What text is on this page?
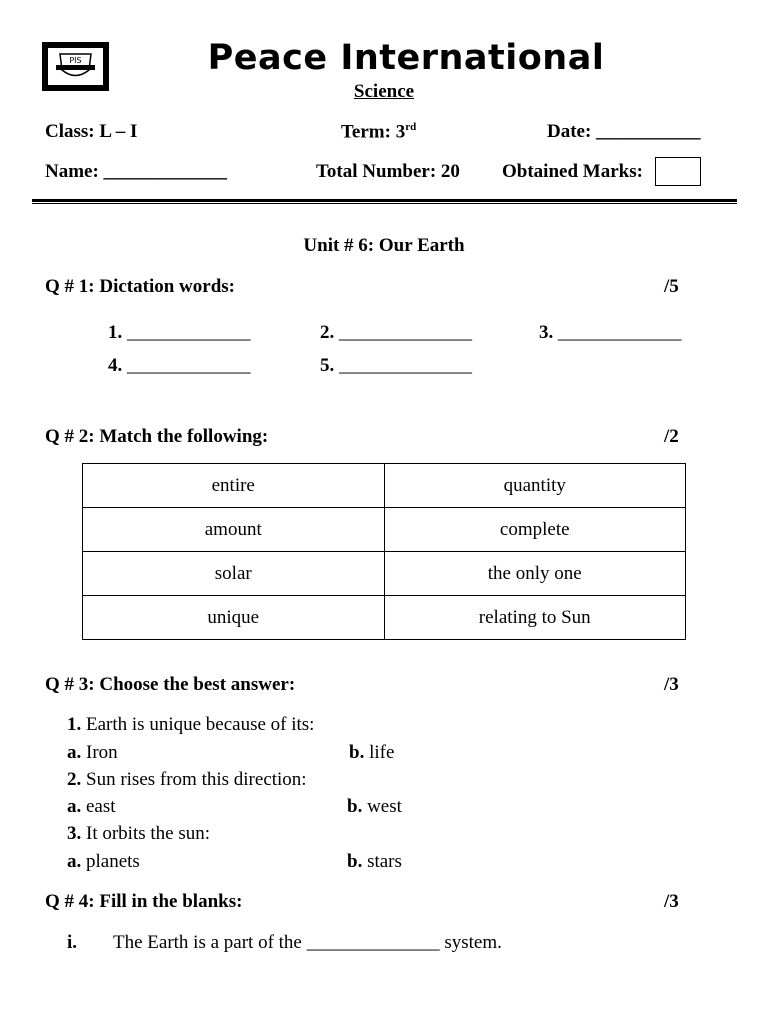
PIS	Peace International
Science
Class: L – I	Term: 3rd	Date: ___________
Name: _____________	Total Number: 20 Obtained Marks:
Unit # 6: Our Earth
Q # 1: Dictation words:	/5
1. _____________	2. ______________	3. _____________
4. _____________	5. ______________
Q # 2: Match the following:	/2
entire	quantity
amount	complete
solar	the only one
unique	relating to Sun
Q # 3: Choose the best answer:	/3
1. Earth is unique because of its:
a. Iron	b. life
2. Sun rises from this direction:
a. east	b. west
3. It orbits the sun:
a. planets	b. stars
Q # 4: Fill in the blanks:	/3
i. The Earth is a part of the ______________ system.
